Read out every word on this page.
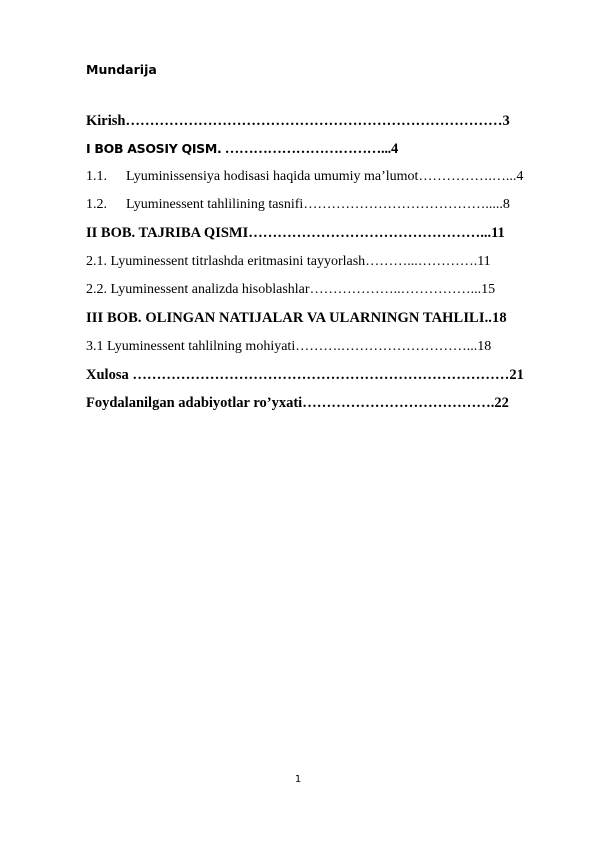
Mundarija
Kirish……………………………………………………………………3
I BOB ASOSIY QISM. ……………………………...4
1.1. Lyuminissensiya hodisasi haqida umumiy ma’lumot…………….…...4
1.2. Lyuminessent tahlilining tasnifi………………………………….....8
II BOB. TAJRIBA QISMI…………………………………………...11
2.1. Lyuminessent titrlashda eritmasini tayyorlash………...………….11
2.2. Lyuminessent analizda hisoblashlar………………..……………...15
III BOB. OLINGAN NATIJALAR VA ULARNINGN TAHLILI..18
3.1 Lyuminessent tahlilning mohiyati……….………………………...18
Xulosa ……………………………………………………………………21
Foydalanilgan adabiyotlar ro’yxati………………………………….22
1
